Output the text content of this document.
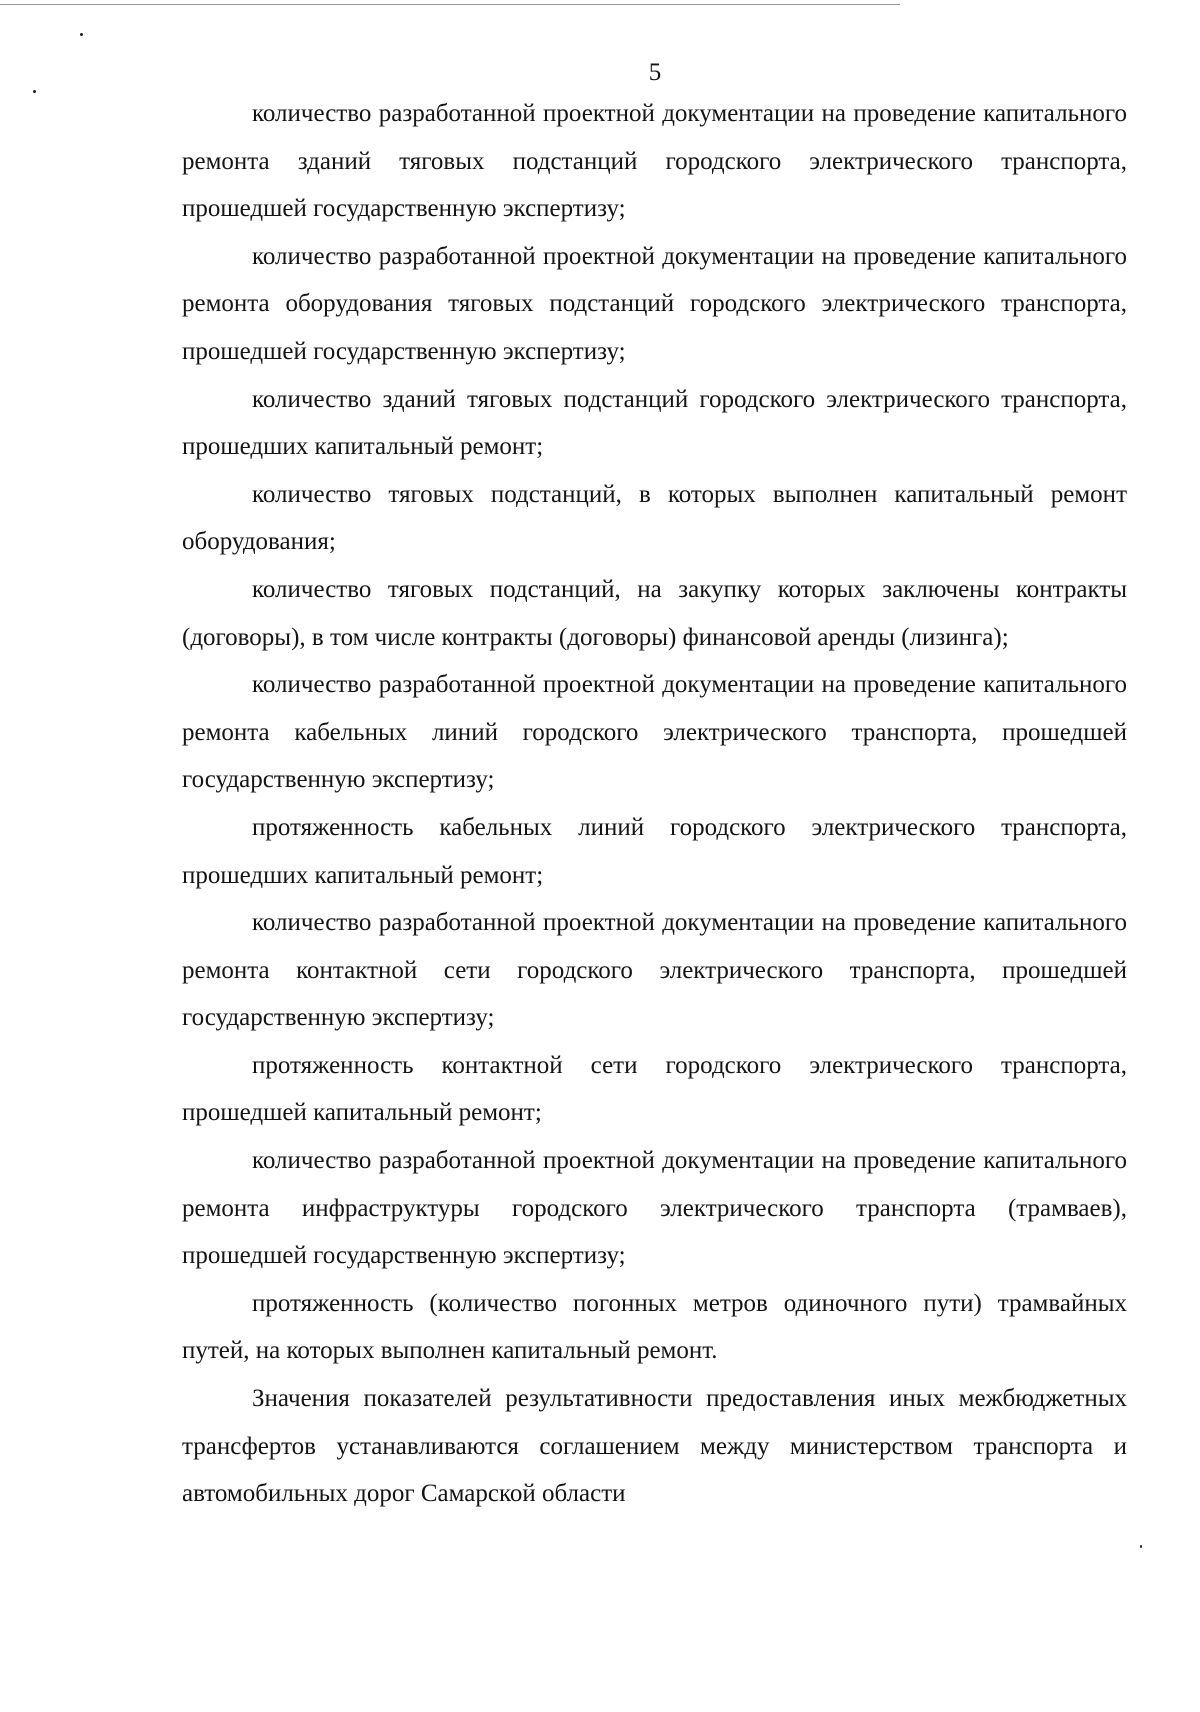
5

количество разработанной проектной документации на проведение капитального ремонта зданий тяговых подстанций городского электрического транспорта, прошедшей государственную экспертизу;

количество разработанной проектной документации на проведение капитального ремонта оборудования тяговых подстанций городского электрического транспорта, прошедшей государственную экспертизу;

количество зданий тяговых подстанций городского электрического транспорта, прошедших капитальный ремонт;

количество тяговых подстанций, в которых выполнен капитальный ремонт оборудования;

количество тяговых подстанций, на закупку которых заключены контракты (договоры), в том числе контракты (договоры) финансовой аренды (лизинга);

количество разработанной проектной документации на проведение капитального ремонта кабельных линий городского электрического транспорта, прошедшей государственную экспертизу;

протяженность кабельных линий городского электрического транспорта, прошедших капитальный ремонт;

количество разработанной проектной документации на проведение капитального ремонта контактной сети городского электрического транспорта, прошедшей государственную экспертизу;

протяженность контактной сети городского электрического транспорта, прошедшей капитальный ремонт;

количество разработанной проектной документации на проведение капитального ремонта инфраструктуры городского электрического транспорта (трамваев), прошедшей государственную экспертизу;

протяженность (количество погонных метров одиночного пути) трамвайных путей, на которых выполнен капитальный ремонт.

Значения показателей результативности предоставления иных межбюджетных трансфертов устанавливаются соглашением между министерством транспорта и автомобильных дорог Самарской области
